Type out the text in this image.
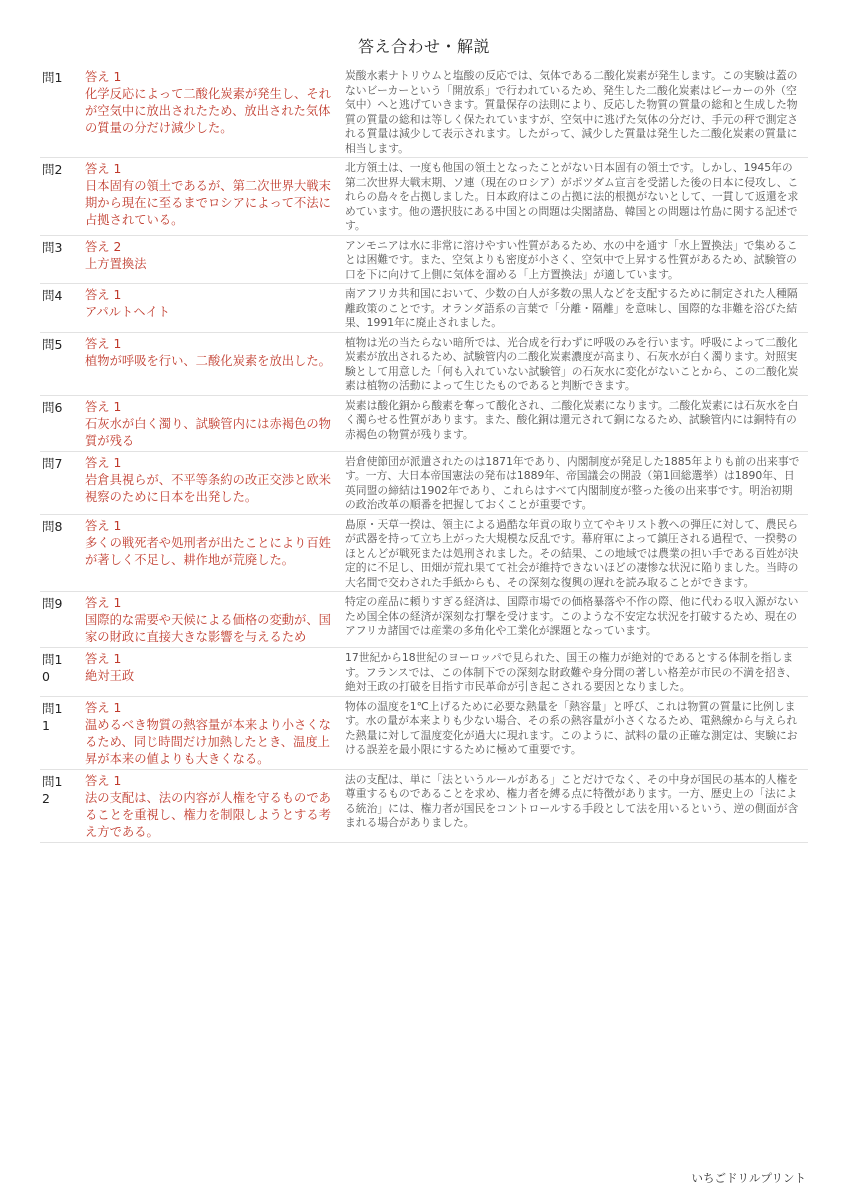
答え合わせ・解説
問1 答え 1
化学反応によって二酸化炭素が発生し、それが空気中に放出されたため、放出された気体の質量の分だけ減少した。
炭酸水素ナトリウムと塩酸の反応では、気体である二酸化炭素が発生します。この実験は蓋のないビーカーという「開放系」で行われているため、発生した二酸化炭素はビーカーの外（空気中）へと逃げていきます。質量保存の法則により、反応した物質の質量の総和と生成した物質の質量の総和は等しく保たれていますが、空気中に逃げた気体の分だけ、手元の秤で測定される質量は減少して表示されます。したがって、減少した質量は発生した二酸化炭素の質量に相当します。
問2 答え 1
日本固有の領土であるが、第二次世界大戦末期から現在に至るまでロシアによって不法に占拠されている。
北方領土は、一度も他国の領土となったことがない日本固有の領土です。しかし、1945年の第二次世界大戦末期、ソ連（現在のロシア）がポツダム宣言を受諾した後の日本に侵攻し、これらの島々を占拠しました。日本政府はこの占拠に法的根拠がないとして、一貫して返還を求めています。他の選択肢にある中国との問題は尖閣諸島、韓国との問題は竹島に関する記述です。
問3 答え 2
上方置換法
アンモニアは水に非常に溶けやすい性質があるため、水の中を通す「水上置換法」で集めることは困難です。また、空気よりも密度が小さく、空気中で上昇する性質があるため、試験管の口を下に向けて上側に気体を溜める「上方置換法」が適しています。
問4 答え 1
アパルトヘイト
南アフリカ共和国において、少数の白人が多数の黒人などを支配するために制定された人種隔離政策のことです。オランダ語系の言葉で「分離・隔離」を意味し、国際的な非難を浴びた結果、1991年に廃止されました。
問5 答え 1
植物が呼吸を行い、二酸化炭素を放出した。
植物は光の当たらない暗所では、光合成を行わずに呼吸のみを行います。呼吸によって二酸化炭素が放出されるため、試験管内の二酸化炭素濃度が高まり、石灰水が白く濁ります。対照実験として用意した「何も入れていない試験管」の石灰水に変化がないことから、この二酸化炭素は植物の活動によって生じたものであると判断できます。
問6 答え 1
石灰水が白く濁り、試験管内には赤褐色の物質が残る
炭素は酸化銅から酸素を奪って酸化され、二酸化炭素になります。二酸化炭素には石灰水を白く濁らせる性質があります。また、酸化銅は還元されて銅になるため、試験管内には銅特有の赤褐色の物質が残ります。
問7 答え 1
岩倉具視らが、不平等条約の改正交渉と欧米視察のために日本を出発した。
岩倉使節団が派遣されたのは1871年であり、内閣制度が発足した1885年よりも前の出来事です。一方、大日本帝国憲法の発布は1889年、帝国議会の開設（第1回総選挙）は1890年、日英同盟の締結は1902年であり、これらはすべて内閣制度が整った後の出来事です。明治初期の政治改革の順番を把握しておくことが重要です。
問8 答え 1
多くの戦死者や処刑者が出たことにより百姓が著しく不足し、耕作地が荒廃した。
島原・天草一揆は、領主による過酷な年貢の取り立てやキリスト教への弾圧に対して、農民らが武器を持って立ち上がった大規模な反乱です。幕府軍によって鎮圧される過程で、一揆勢のほとんどが戦死または処刑されました。その結果、この地域では農業の担い手である百姓が決定的に不足し、田畑が荒れ果てて社会が維持できないほどの凄惨な状況に陥りました。当時の大名間で交わされた手紙からも、その深刻な復興の遅れを読み取ることができます。
問9 答え 1
国際的な需要や天候による価格の変動が、国家の財政に直接大きな影響を与えるため
特定の産品に頼りすぎる経済は、国際市場での価格暴落や不作の際、他に代わる収入源がないため国全体の経済が深刻な打撃を受けます。このような不安定な状況を打破するため、現在のアフリカ諸国では産業の多角化や工業化が課題となっています。
問10
答え 1
絶対王政
17世紀から18世紀のヨーロッパで見られた、国王の権力が絶対的であるとする体制を指します。フランスでは、この体制下での深刻な財政難や身分間の著しい格差が市民の不満を招き、絶対王政の打破を目指す市民革命が引き起こされる要因となりました。
問11
答え 1
温めるべき物質の熱容量が本来より小さくなるため、同じ時間だけ加熱したとき、温度上昇が本来の値よりも大きくなる。
物体の温度を1℃上げるために必要な熱量を「熱容量」と呼び、これは物質の質量に比例します。水の量が本来よりも少ない場合、その系の熱容量が小さくなるため、電熱線から与えられた熱量に対して温度変化が過大に現れます。このように、試料の量の正確な測定は、実験における誤差を最小限にするために極めて重要です。
問12
答え 1
法の支配は、法の内容が人権を守るものであることを重視し、権力を制限しようとする考え方である。
法の支配は、単に「法というルールがある」ことだけでなく、その中身が国民の基本的人権を尊重するものであることを求め、権力者を縛る点に特徴があります。一方、歴史上の「法による統治」には、権力者が国民をコントロールする手段として法を用いるという、逆の側面が含まれる場合がありました。
いちごドリルプリント
